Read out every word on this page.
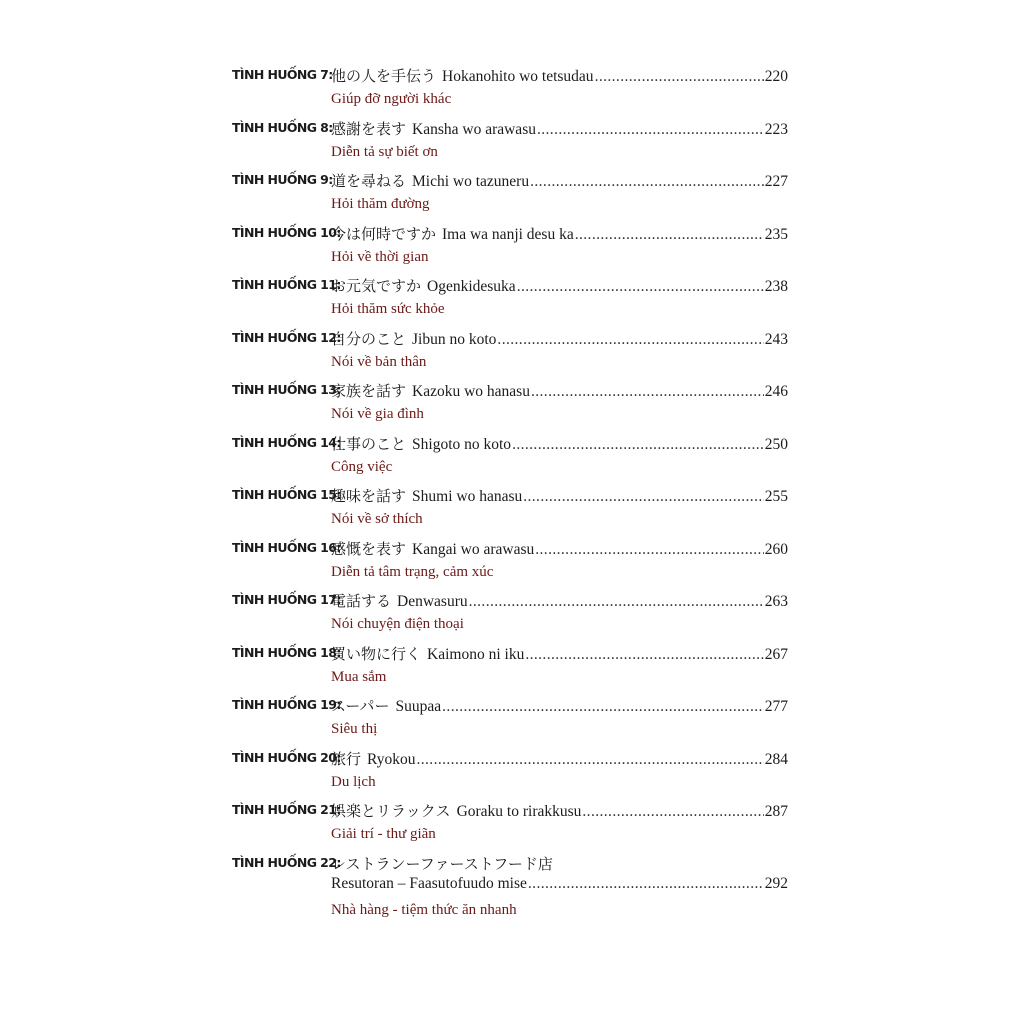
TÌNH HUỐNG 7:
他の人を手伝う Hokanohito wo tetsudau .....	220
Giúp đỡ người khác
TÌNH HUỐNG 8:
感謝を表す Kansha wo arawasu .....	223
Diễn tả sự biết ơn
TÌNH HUỐNG 9:
道を尋ねる Michi wo tazuneru .....	227
Hỏi thăm đường
TÌNH HUỐNG 10:
今は何時ですか Ima wa nanji desu ka .....	235
Hỏi về thời gian
TÌNH HUỐNG 11:
お元気ですか Ogenkidesuka .....	238
Hỏi thăm sức khỏe
TÌNH HUỐNG 12:
自分のこと Jibun no koto .....	243
Nói về bản thân
TÌNH HUỐNG 13:
家族を話す Kazoku wo hanasu .....	246
Nói về gia đình
TÌNH HUỐNG 14:
仕事のこと Shigoto no koto .....	250
Công việc
TÌNH HUỐNG 15:
趣味を話す Shumi wo hanasu .....	255
Nói về sở thích
TÌNH HUỐNG 16:
感慨を表す Kangai wo arawasu .....	260
Diễn tả tâm trạng, cảm xúc
TÌNH HUỐNG 17:
電話する Denwasuru .....	263
Nói chuyện điện thoại
TÌNH HUỐNG 18:
買い物に行く Kaimono ni iku .....	267
Mua sắm
TÌNH HUỐNG 19:
スーパー Suupaa .....	277
Siêu thị
TÌNH HUỐNG 20:
旅行 Ryokou .....	284
Du lịch
TÌNH HUỐNG 21:
娯楽とリラックス Goraku to rirakkusu .....	287
Giải trí - thư giãn
TÌNH HUỐNG 22:
レストランーファーストフード店
Resutoran – Faasutofuudo mise .....	292
Nhà hàng - tiệm thức ăn nhanh
